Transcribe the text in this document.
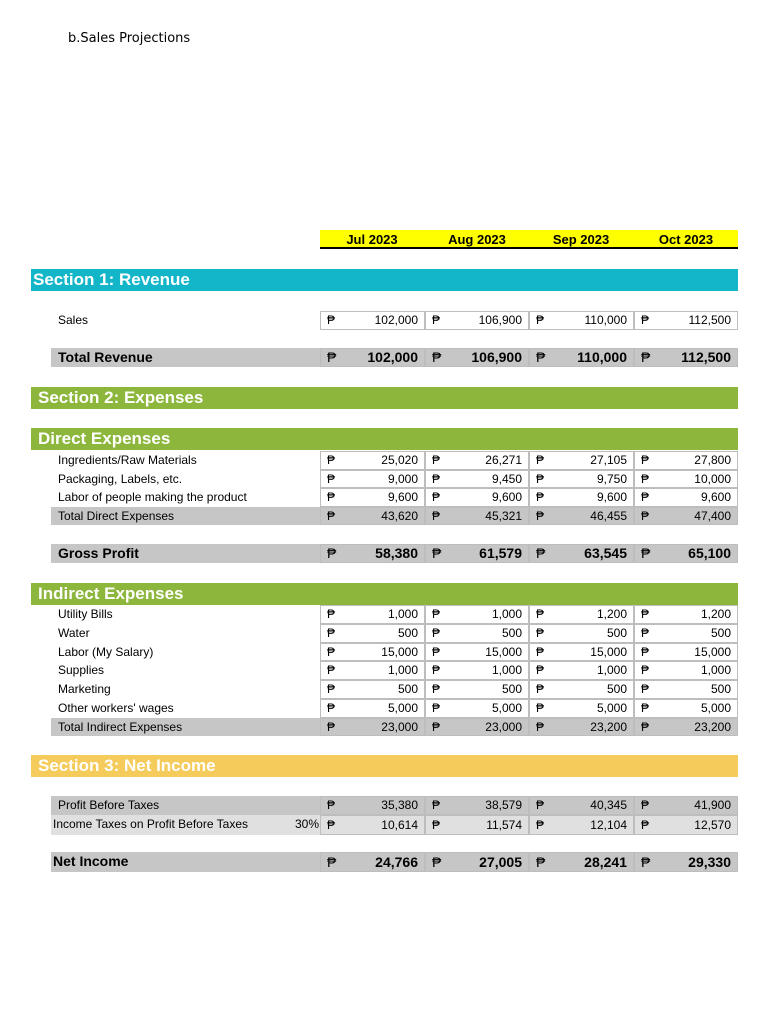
b.Sales Projections
Jul 2023	Aug 2023	Sep 2023	Oct 2023
Section 1: Revenue
Section 2: Expenses
Direct Expenses
Indirect Expenses
Section 3: Net Income
Sales	₱	102,000 ₱	106,900 ₱	110,000 ₱	112,500
Total Revenue	₱ 102,000 ₱ 106,900 ₱ 110,000 ₱ 112,500
Ingredients/Raw Materials	₱	25,020 ₱	26,271 ₱	27,105 ₱	27,800
Packaging, Labels, etc.	₱	9,000 ₱	9,450 ₱	9,750 ₱	10,000
Labor of people making the product	₱	9,600 ₱	9,600 ₱	9,600 ₱	9,600
Total Direct Expenses	₱	43,620 ₱	45,321 ₱	46,455 ₱	47,400
Gross Profit	₱	58,380 ₱	61,579 ₱	63,545 ₱	65,100
Utility Bills	₱	1,000 ₱	1,000 ₱	1,200 ₱	1,200
Water	₱	500 ₱	500 ₱	500 ₱	500
Labor (My Salary)	₱	15,000 ₱	15,000 ₱	15,000 ₱	15,000
Supplies	₱	1,000 ₱	1,000 ₱	1,000 ₱	1,000
Marketing	₱	500 ₱	500 ₱	500 ₱	500
Other workers' wages	₱	5,000 ₱	5,000 ₱	5,000 ₱	5,000
Total Indirect Expenses	₱	23,000 ₱	23,000 ₱	23,200 ₱	23,200
Profit Before Taxes	₱	35,380 ₱	38,579 ₱	40,345 ₱	41,900
Income Taxes on Profit Before Taxes	30% ₱	10,614 ₱	11,574 ₱	12,104 ₱	12,570
Net Income	₱	24,766 ₱	27,005 ₱	28,241 ₱	29,330
